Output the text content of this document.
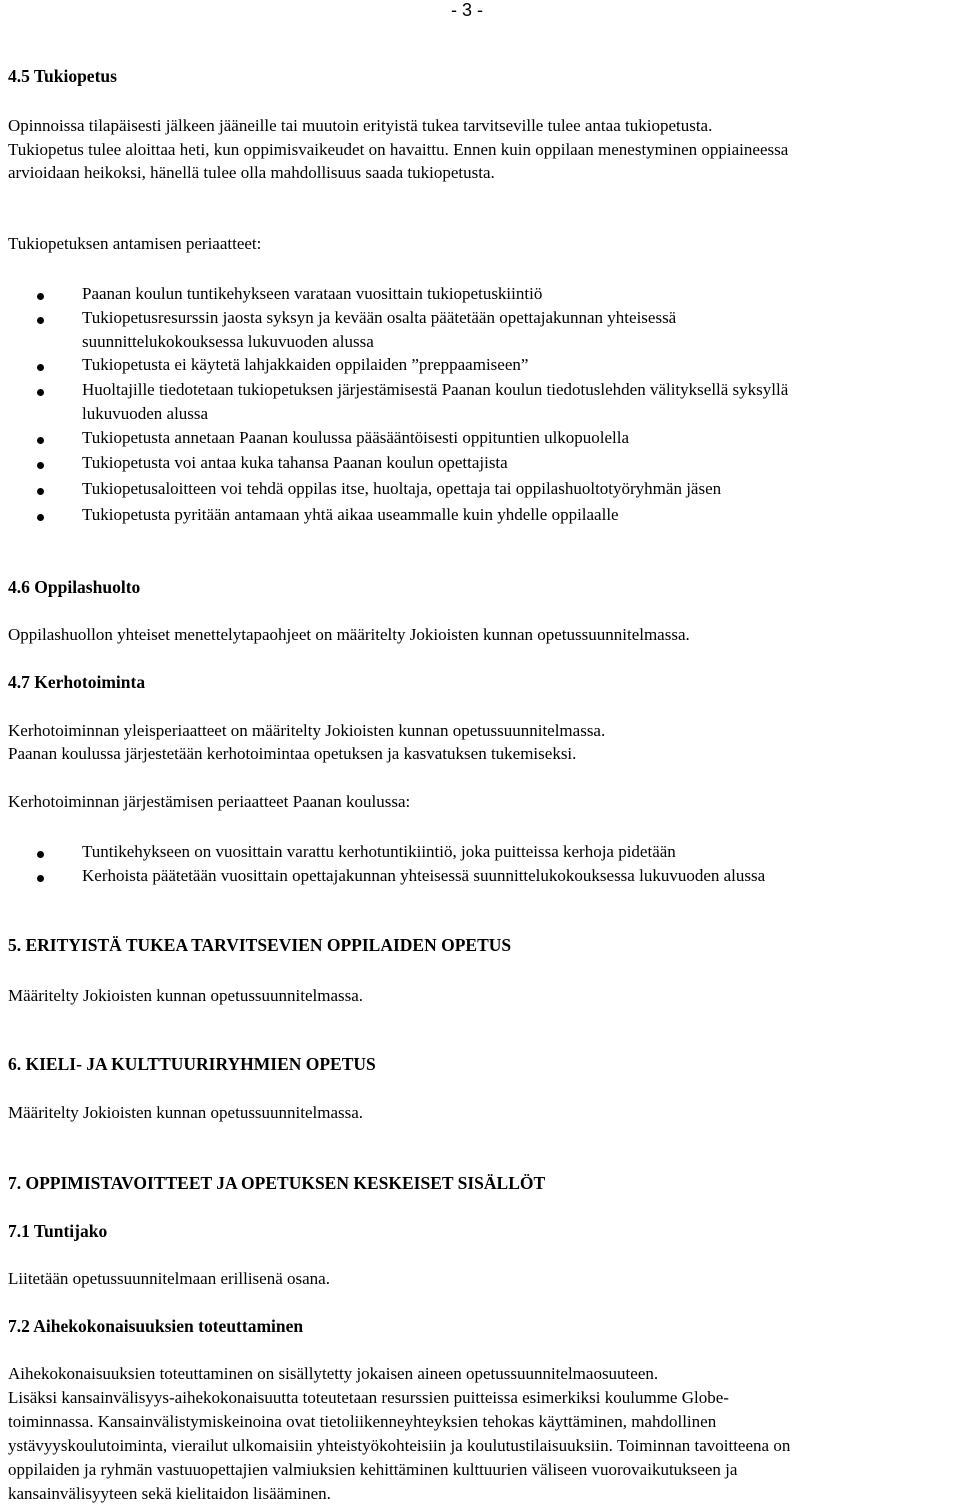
- 3 -
4.5 Tukiopetus
Opinnoissa tilapäisesti jälkeen jääneille tai muutoin erityistä tukea tarvitseville tulee antaa tukiopetusta.
Tukiopetus tulee aloittaa heti, kun oppimisvaikeudet on havaittu. Ennen kuin oppilaan menestyminen oppiaineessa
arvioidaan heikoksi, hänellä tulee olla mahdollisuus saada tukiopetusta.
Tukiopetuksen antamisen periaatteet:
Paanan koulun tuntikehykseen varataan vuosittain tukiopetuskiintiö
Tukiopetusresurssin jaosta syksyn ja kevään osalta päätetään opettajakunnan yhteisessä
suunnittelukokouksessa lukuvuoden alussa
Tukiopetusta ei käytetä lahjakkaiden oppilaiden ”preppaamiseen”
Huoltajille tiedotetaan tukiopetuksen järjestämisestä Paanan koulun tiedotuslehden välityksellä syksyllä
lukuvuoden alussa
Tukiopetusta annetaan Paanan koulussa pääsääntöisesti oppituntien ulkopuolella
Tukiopetusta voi antaa kuka tahansa Paanan koulun opettajista
Tukiopetusaloitteen voi tehdä oppilas itse, huoltaja, opettaja tai oppilashuoltotyöryhmän jäsen
Tukiopetusta pyritään antamaan yhtä aikaa useammalle kuin yhdelle oppilaalle
4.6 Oppilashuolto
Oppilashuollon yhteiset menettelytapaohjeet on määritelty Jokioisten kunnan opetussuunnitelmassa.
4.7 Kerhotoiminta
Kerhotoiminnan yleisperiaatteet on määritelty Jokioisten kunnan opetussuunnitelmassa.
Paanan koulussa järjestetään kerhotoimintaa opetuksen ja kasvatuksen tukemiseksi.
Kerhotoiminnan järjestämisen periaatteet Paanan koulussa:
Tuntikehykseen on vuosittain varattu kerhotuntikiintiö, joka puitteissa kerhoja pidetään
Kerhoista päätetään vuosittain opettajakunnan yhteisessä suunnittelukokouksessa lukuvuoden alussa
5. ERITYISTÄ TUKEA TARVITSEVIEN OPPILAIDEN OPETUS
Määritelty Jokioisten kunnan opetussuunnitelmassa.
6. KIELI- JA KULTTUURIRYHMIEN OPETUS
Määritelty Jokioisten kunnan opetussuunnitelmassa.
7. OPPIMISTAVOITTEET JA OPETUKSEN KESKEISET SISÄLLÖT
7.1 Tuntijako
Liitetään opetussuunnitelmaan erillisenä osana.
7.2 Aihekokonaisuuksien toteuttaminen
Aihekokonaisuuksien toteuttaminen on sisällytetty jokaisen aineen opetussuunnitelmaosuuteen.
Lisäksi kansainvälisyys-aihekokonaisuutta toteutetaan resurssien puitteissa esimerkiksi koulumme Globe-
toiminnassa. Kansainvälistymiskeinoina ovat tietoliikenneyhteyksien tehokas käyttäminen, mahdollinen
ystävyyskoulutoiminta, vierailut ulkomaisiin yhteistyökohteisiin ja koulutustilaisuuksiin. Toiminnan tavoitteena on
oppilaiden ja ryhmän vastuuopettajien valmiuksien kehittäminen kulttuurien väliseen vuorovaikutukseen ja
kansainvälisyyteen sekä kielitaidon lisääminen.
